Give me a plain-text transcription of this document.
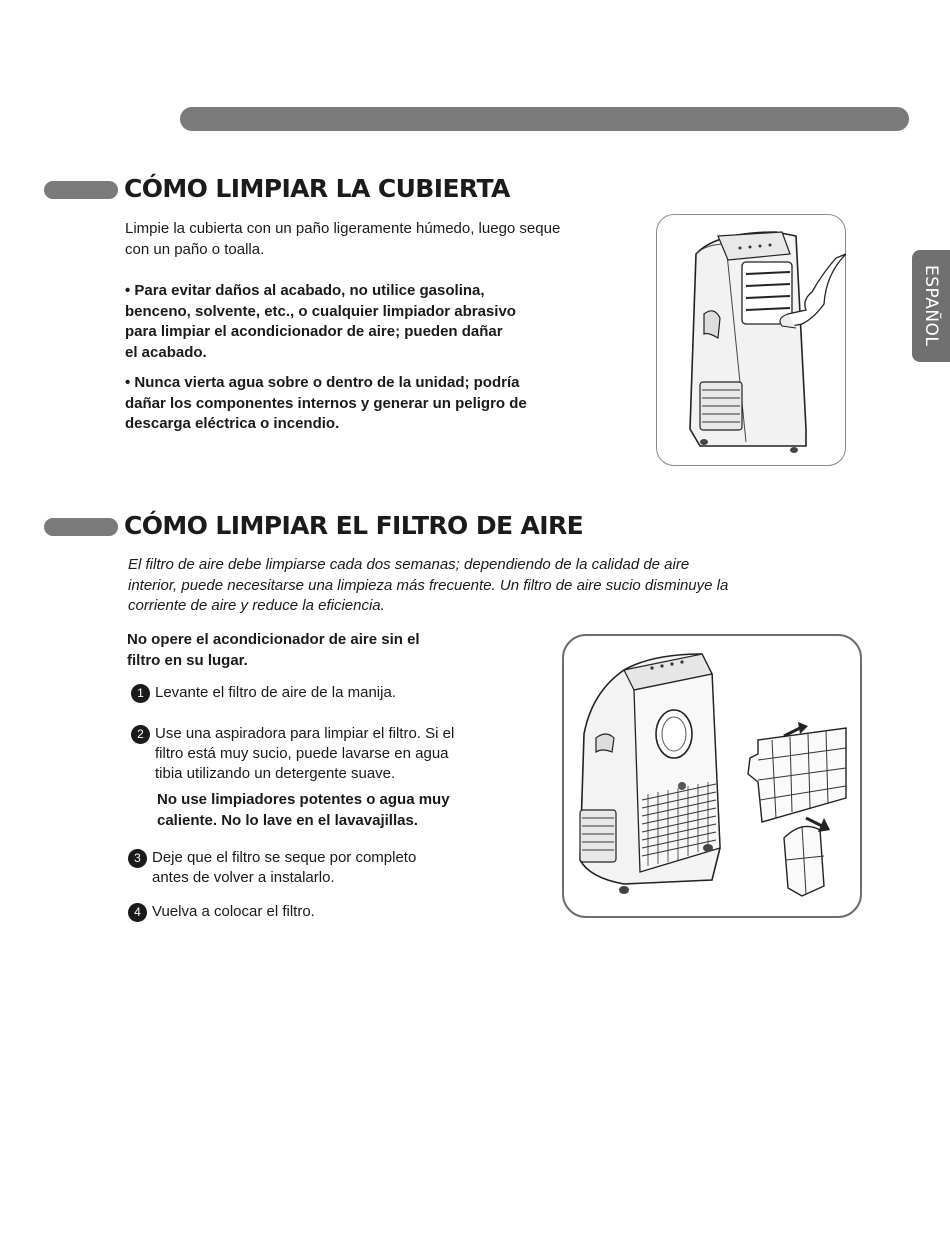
ESPAÑOL
CÓMO LIMPIAR LA CUBIERTA

Limpie la cubierta con un paño ligeramente húmedo, luego seque
con un paño o toalla.

• Para evitar daños al acabado, no utilice gasolina,
benceno, solvente, etc., o cualquier limpiador abrasivo
para limpiar el acondicionador de aire; pueden dañar
el acabado.

• Nunca vierta agua sobre o dentro de la unidad; podría
dañar los componentes internos y generar un peligro de
descarga eléctrica o incendio.

CÓMO LIMPIAR EL FILTRO DE AIRE

El filtro de aire debe limpiarse cada dos semanas; dependiendo de la calidad de aire
interior, puede necesitarse una limpieza más frecuente. Un filtro de aire sucio disminuye la
corriente de aire y reduce la eficiencia.

No opere el acondicionador de aire sin el
filtro en su lugar.

1 Levante el filtro de aire de la manija.
2 Use una aspiradora para limpiar el filtro. Si el
filtro está muy sucio, puede lavarse en agua
tibia utilizando un detergente suave.

No use limpiadores potentes o agua muy
caliente. No lo lave en el lavavajillas.

3 Deje que el filtro se seque por completo
antes de volver a instalarlo.
4 Vuelva a colocar el filtro.
